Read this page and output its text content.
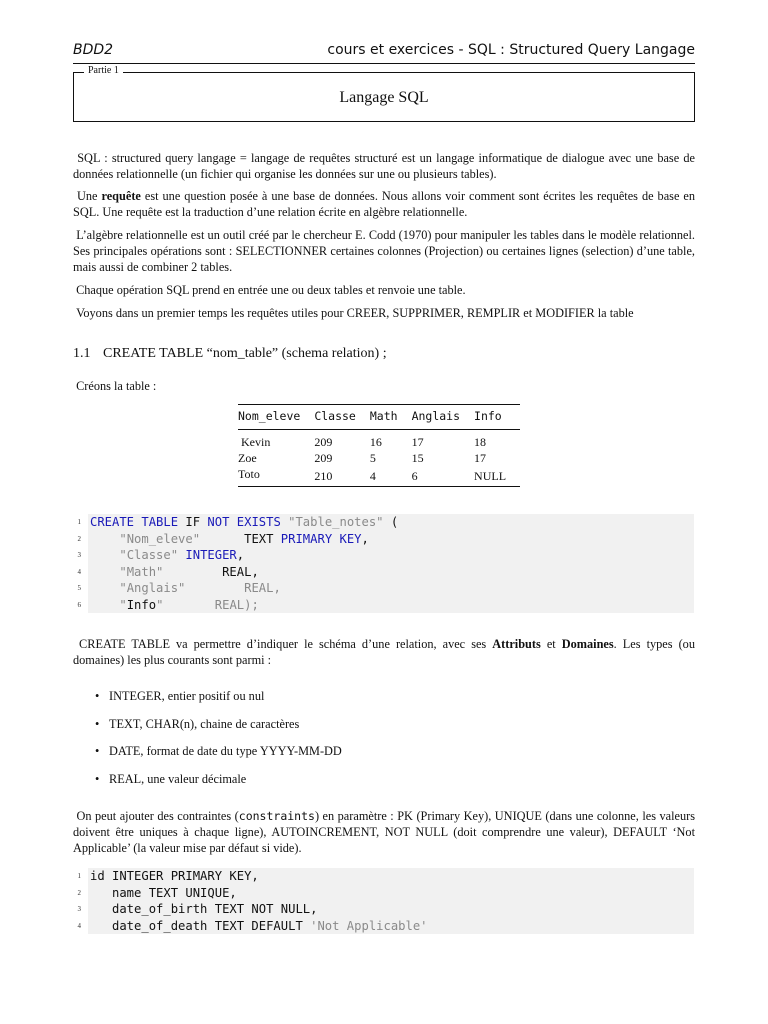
BDD2	cours et exercices - SQL : Structured Query Langage
Partie 1
Langage SQL

SQL : structured query langage = langage de requêtes structuré est un langage informatique de dialogue avec une base de données relationnelle (un fichier qui organise les données sur une ou plusieurs tables).

Une requête est une question posée à une base de données. Nous allons voir comment sont écrites les requêtes de base en SQL. Une requête est la traduction d’une relation écrite en algèbre relationnelle.

L’algèbre relationnelle est un outil créé par le chercheur E. Codd (1970) pour manipuler les tables dans le modèle relationnel. Ses principales opérations sont : SELECTIONNER certaines colonnes (Projection) ou certaines lignes (selection) d’une table, mais aussi de combiner 2 tables.

Chaque opération SQL prend en entrée une ou deux tables et renvoie une table.

Voyons dans un premier temps les requêtes utiles pour CREER, SUPPRIMER, REMPLIR et MODIFIER la table

1.1 CREATE TABLE “nom_table” (schema relation) ;

Créons la table :

Nom_eleve	Classe	Math	Anglais	Info
Kevin	209	16	17	18
Zoe	209	5	15	17
Toto	210	4	6	NULL
1 CREATE TABLE IF NOT EXISTS "Table_notes" (
2	"Nom_eleve"      TEXT PRIMARY KEY,
3	"Classe" INTEGER,
4	"Math"        REAL,
5	"Anglais"        REAL,
6	"Info"       REAL);

CREATE TABLE va permettre d’indiquer le schéma d’une relation, avec ses Attributs et Domaines. Les types (ou domaines) les plus courants sont parmi :

• INTEGER, entier positif ou nul
• TEXT, CHAR(n), chaine de caractères
• DATE, format de date du type YYYY-MM-DD
• REAL, une valeur décimale

On peut ajouter des contraintes (constraints) en paramètre : PK (Primary Key), UNIQUE (dans une colonne, les valeurs doivent être uniques à chaque ligne), AUTOINCREMENT, NOT NULL (doit comprendre une valeur), DEFAULT ‘Not Applicable’ (la valeur mise par défaut si vide).

1 id INTEGER PRIMARY KEY,
2 name TEXT UNIQUE,
3 date_of_birth TEXT NOT NULL,
4 date_of_death TEXT DEFAULT 'Not Applicable'
